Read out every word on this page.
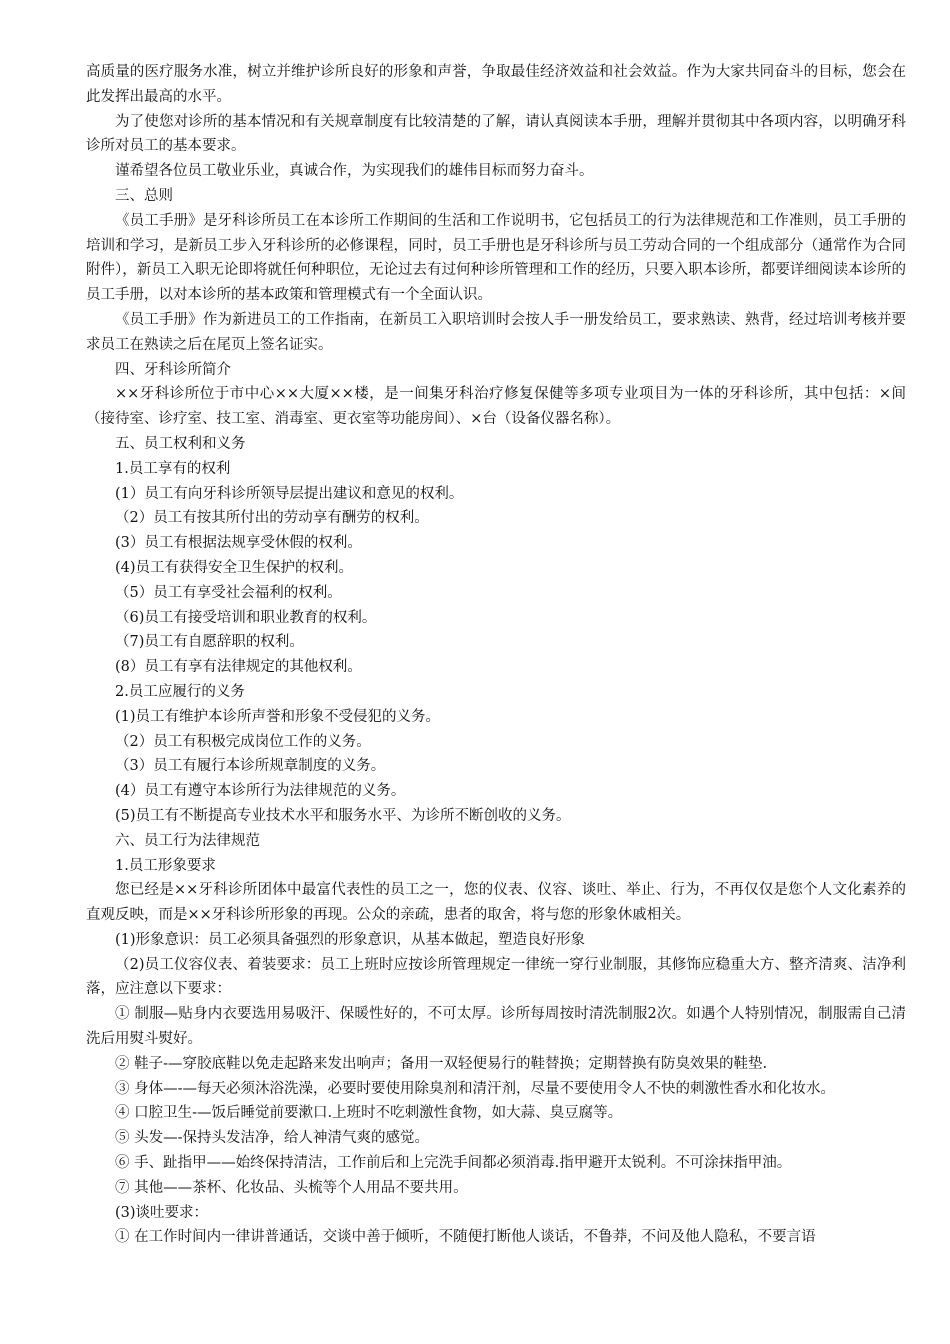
高质量的医疗服务水准，树立并维护诊所良好的形象和声誉，争取最佳经济效益和社会效益。作为大家共同奋斗的目标，您会在此发挥出最高的水平。

为了使您对诊所的基本情况和有关规章制度有比较清楚的了解，请认真阅读本手册，理解并贯彻其中各项内容，以明确牙科诊所对员工的基本要求。

谨希望各位员工敬业乐业，真诚合作，为实现我们的雄伟目标而努力奋斗。

三、总则

《员工手册》是牙科诊所员工在本诊所工作期间的生活和工作说明书，它包括员工的行为法律规范和工作准则，员工手册的培训和学习，是新员工步入牙科诊所的必修课程，同时，员工手册也是牙科诊所与员工劳动合同的一个组成部分（通常作为合同附件），新员工入职无论即将就任何种职位，无论过去有过何种诊所管理和工作的经历，只要入职本诊所，都要详细阅读本诊所的员工手册，以对本诊所的基本政策和管理模式有一个全面认识。

《员工手册》作为新进员工的工作指南，在新员工入职培训时会按人手一册发给员工，要求熟读、熟背，经过培训考核并要求员工在熟读之后在尾页上签名证实。

四、牙科诊所简介

××牙科诊所位于市中心××大厦××楼，是一间集牙科治疗修复保健等多项专业项目为一体的牙科诊所，其中包括：×间（接待室、诊疗室、技工室、消毒室、更衣室等功能房间）、×台（设备仪器名称）。

五、员工权利和义务

1.员工享有的权利

(1）员工有向牙科诊所领导层提出建议和意见的权利。

（2）员工有按其所付出的劳动享有酬劳的权利。

(3）员工有根据法规享受休假的权利。

(4)员工有获得安全卫生保护的权利。

（5）员工有享受社会福利的权利。

（6)员工有接受培训和职业教育的权利。

（7)员工有自愿辞职的权利。

(8）员工有享有法律规定的其他权利。

2.员工应履行的义务

(1)员工有维护本诊所声誉和形象不受侵犯的义务。

（2）员工有积极完成岗位工作的义务。

（3）员工有履行本诊所规章制度的义务。

(4）员工有遵守本诊所行为法律规范的义务。

(5)员工有不断提高专业技术水平和服务水平、为诊所不断创收的义务。

六、员工行为法律规范

1.员工形象要求

您已经是××牙科诊所团体中最富代表性的员工之一，您的仪表、仪容、谈吐、举止、行为，不再仅仅是您个人文化素养的直观反映，而是××牙科诊所形象的再现。公众的亲疏，患者的取舍，将与您的形象休戚相关。

(1)形象意识：员工必须具备强烈的形象意识，从基本做起，塑造良好形象

（2)员工仪容仪表、着装要求：员工上班时应按诊所管理规定一律统一穿行业制服，其修饰应稳重大方、整齐清爽、洁净利落，应注意以下要求：

① 制服—贴身内衣要选用易吸汗、保暖性好的，不可太厚。诊所每周按时清洗制服2次。如遇个人特别情况，制服需自己清洗后用熨斗熨好。

② 鞋子-—穿胶底鞋以免走起路来发出响声；备用一双轻便易行的鞋替换；定期替换有防臭效果的鞋垫.

③ 身体—-—每天必须沐浴洗澡，必要时要使用除臭剂和清汗剂，尽量不要使用令人不快的刺激性香水和化妆水。

④ 口腔卫生-—饭后睡觉前要漱口.上班时不吃刺激性食物，如大蒜、臭豆腐等。

⑤ 头发—-保持头发洁净，给人神清气爽的感觉。

⑥ 手、趾指甲——始终保持清洁，工作前后和上完洗手间都必须消毒.指甲避开太锐利。不可涂抹指甲油。

⑦ 其他——茶杯、化妆品、头梳等个人用品不要共用。

(3)谈吐要求：

① 在工作时间内一律讲普通话，交谈中善于倾听，不随便打断他人谈话，不鲁莽，不问及他人隐私，不要言语
